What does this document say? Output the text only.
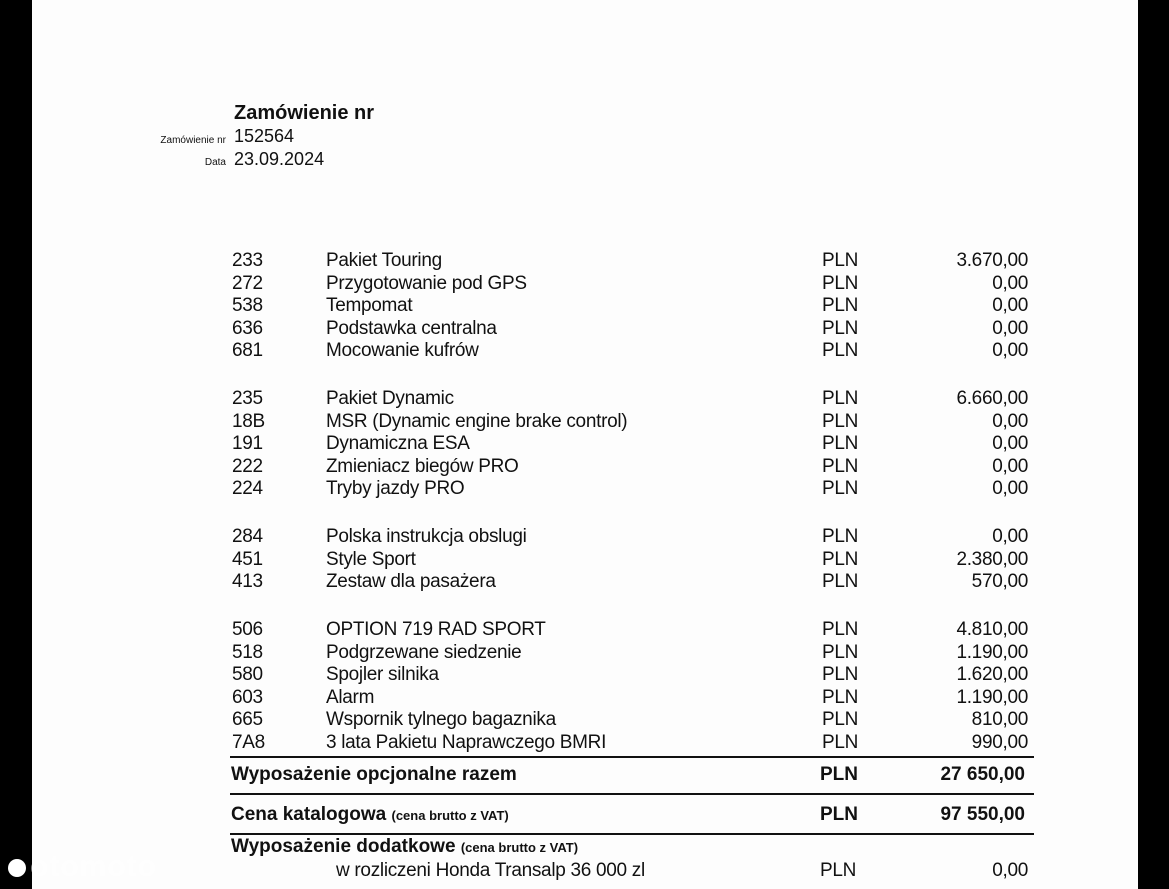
Zamówienie nr
Zamówienie nr 152564
Data 23.09.2024
233	Pakiet Touring	PLN	3.670,00
272	Przygotowanie pod GPS	PLN	0,00
538	Tempomat	PLN	0,00
636	Podstawka centralna	PLN	0,00
681	Mocowanie kufrów	PLN	0,00
235	Pakiet Dynamic	PLN	6.660,00
18B	MSR (Dynamic engine brake control)	PLN	0,00
191	Dynamiczna ESA	PLN	0,00
222	Zmieniacz biegów PRO	PLN	0,00
224	Tryby jazdy PRO	PLN	0,00
284	Polska instrukcja obslugi	PLN	0,00
451	Style Sport	PLN	2.380,00
413	Zestaw dla pasażera	PLN	570,00
506	OPTION 719 RAD SPORT	PLN	4.810,00
518	Podgrzewane siedzenie	PLN	1.190,00
580	Spojler silnika	PLN	1.620,00
603	Alarm	PLN	1.190,00
665	Wspornik tylnego bagaznika	PLN	810,00
7A8	3 lata Pakietu Naprawczego BMRI	PLN	990,00
Wyposażenie opcjonalne razem	PLN	27 650,00
Cena katalogowa (cena brutto z VAT)	PLN	97 550,00
Wyposażenie dodatkowe (cena brutto z VAT)
w rozliczeni Honda Transalp 36 000 zl	PLN	0,00
otomoto
